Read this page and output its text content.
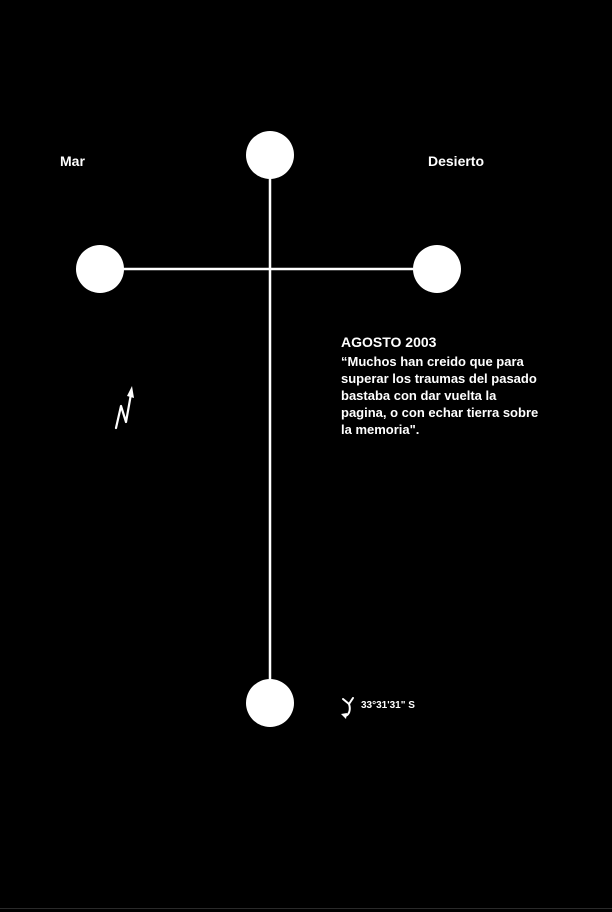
Mar	Desierto
AGOSTO 2003
“Muchos han creido que para
superar los traumas del pasado
bastaba con dar vuelta la
pagina, o con echar tierra sobre
la memoria".
33°31'31" S
